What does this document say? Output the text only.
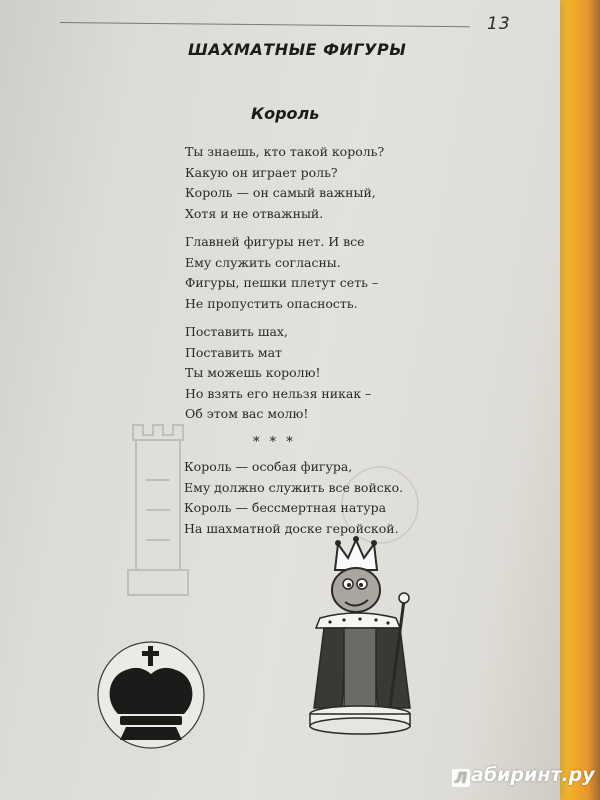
13
ШАХМАТНЫЕ ФИГУРЫ
Король
Ты знаешь, кто такой король?
Какую он играет роль?
Король — он самый важный,
Хотя и не отважный.
Главней фигуры нет. И все
Ему служить согласны.
Фигуры, пешки плетут сеть –
Не пропустить опасность.
Поставить шах,
Поставить мат
Ты можешь королю!
Но взять его нельзя никак –
Об этом вас молю!
* * *
Король — особая фигура,
Ему должно служить все войско.
Король — бессмертная натура
На шахматной доске геройской.
Л абиринт.ру
